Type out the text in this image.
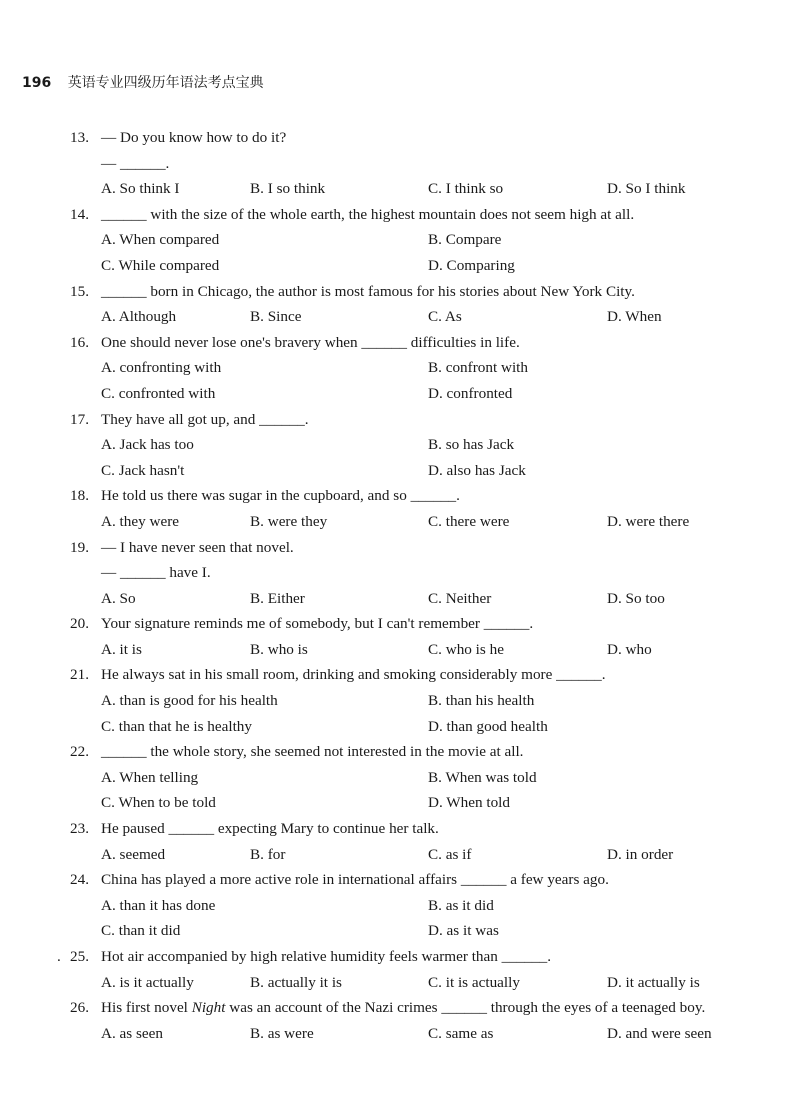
196 英语专业四级历年语法考点宝典
13. — Do you know how to do it?
— ______.
A. So think I	B. I so think	C. I think so	D. So I think
14. ______ with the size of the whole earth, the highest mountain does not seem high at all.
A. When compared	B. Compare
C. While compared	D. Comparing
15. ______ born in Chicago, the author is most famous for his stories about New York City.
A. Although	B. Since	C. As	D. When
16. One should never lose one's bravery when ______ difficulties in life.
A. confronting with	B. confront with
C. confronted with	D. confronted
17. They have all got up, and ______.
A. Jack has too	B. so has Jack
C. Jack hasn't	D. also has Jack
18. He told us there was sugar in the cupboard, and so ______.
A. they were	B. were they	C. there were	D. were there
19. — I have never seen that novel.
— ______ have I.
A. So	B. Either	C. Neither	D. So too
20. Your signature reminds me of somebody, but I can't remember ______.
A. it is	B. who is	C. who is he	D. who
21. He always sat in his small room, drinking and smoking considerably more ______.
A. than is good for his health	B. than his health
C. than that he is healthy	D. than good health
22. ______ the whole story, she seemed not interested in the movie at all.
A. When telling	B. When was told
C. When to be told	D. When told
23. He paused ______ expecting Mary to continue her talk.
A. seemed	B. for	C. as if	D. in order
24. China has played a more active role in international affairs ______ a few years ago.
A. than it has done	B. as it did
C. than it did	D. as it was
. 25. Hot air accompanied by high relative humidity feels warmer than ______.
A. is it actually	B. actually it is	C. it is actually	D. it actually is
26. His first novel Night was an account of the Nazi crimes ______ through the eyes of a teenaged boy.
A. as seen	B. as were	C. same as	D. and were seen
